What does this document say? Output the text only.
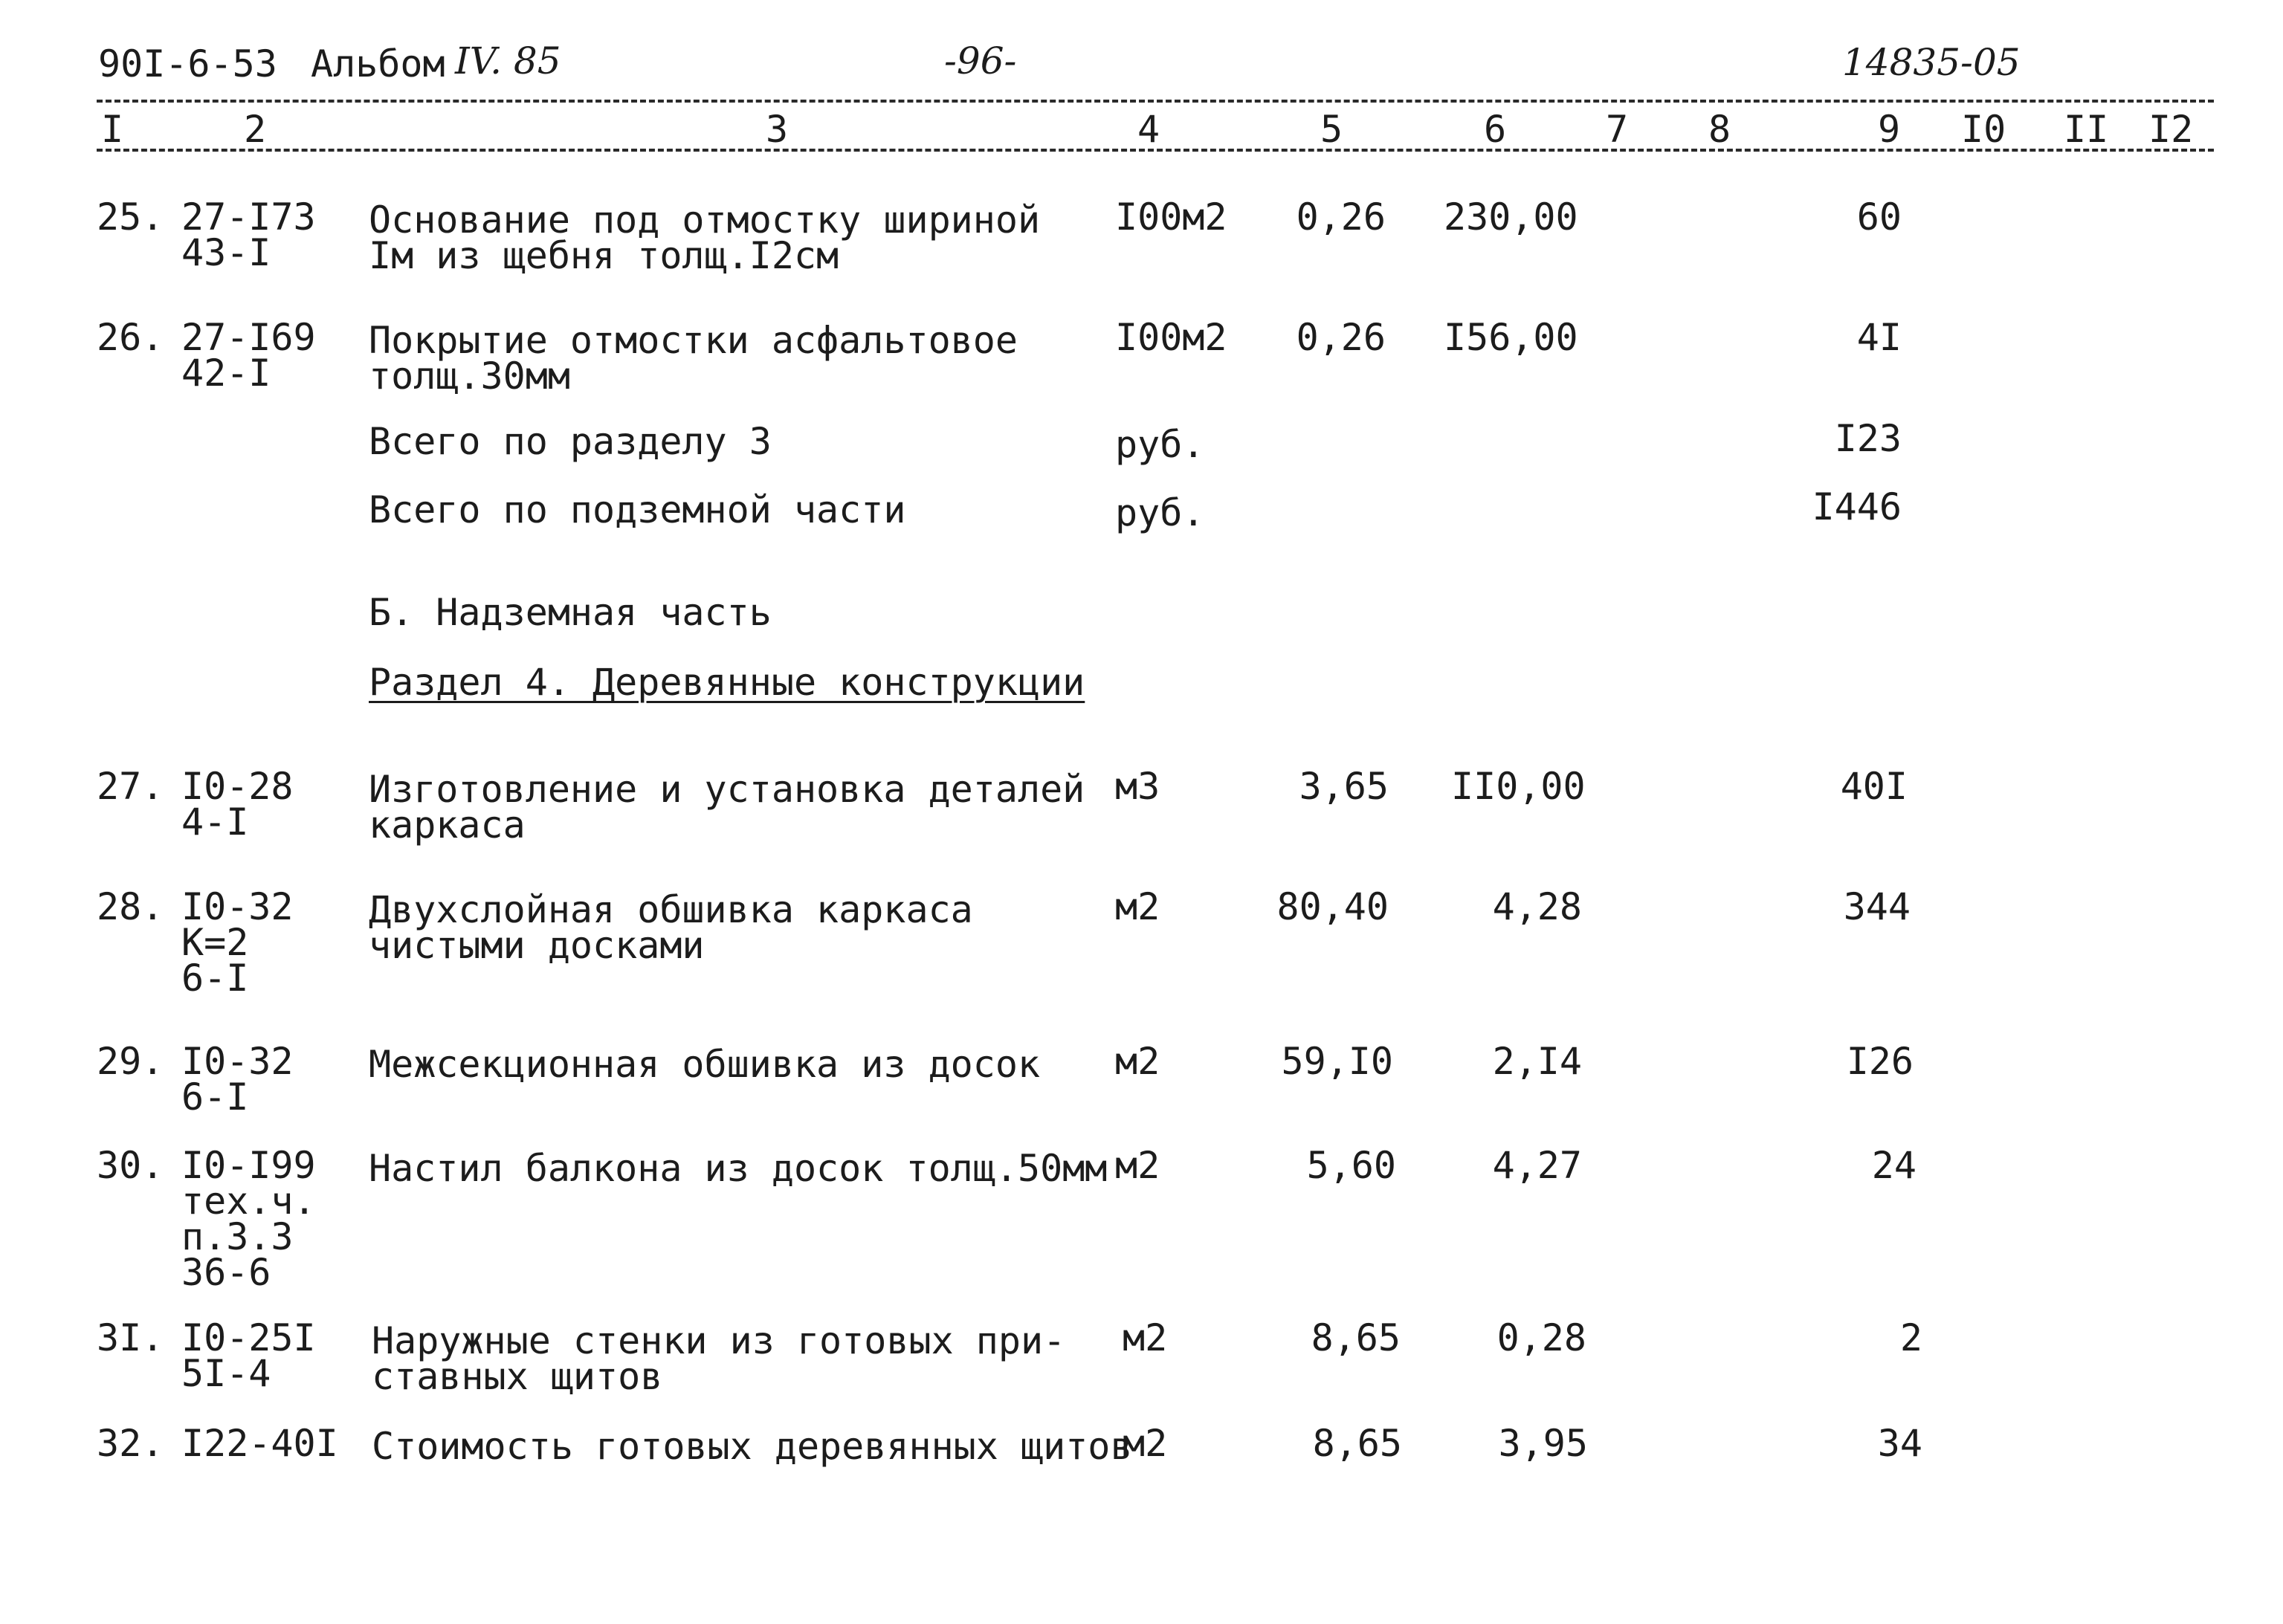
90I-6-53 Альбом IV. 85	-96-	14835-05
I	2	3	4	5	6	7 8	9 I0 II I2
25. 27-I73
43-I
Основание под отмостку шириной
Iм из щебня толщ.I2см
I00м2	0,26 230,00	60
26. 27-I69
42-I
Покрытие отмостки асфальтовое
толщ.30мм
I00м2	0,26 I56,00	4I
Всего по разделу 3	руб.	I23
Всего по подземной части	руб.	I446
Б. Надземная часть
Раздел 4. Деревянные конструкции
27. I0-28
4-I
Изготовление и установка деталей
каркаса
м3	3,65 II0,00	40I
28. I0-32
К=2
6-I
Двухслойная обшивка каркаса
чистыми досками
м2	80,40	4,28	344
29. I0-32
6-I
Межсекционная обшивка из досок м2	59,I0	2,I4	I26
30. I0-I99
тех.ч.
п.3.3
36-6
Настил балкона из досок толщ.50мм м2	5,60	4,27	24
3I. I0-25I
5I-4
Наружные стенки из готовых при-
ставных щитов
м2	8,65	0,28	2
32. I22-40I Стоимость готовых деревянных щитов
м2	8,65	3,95	34
